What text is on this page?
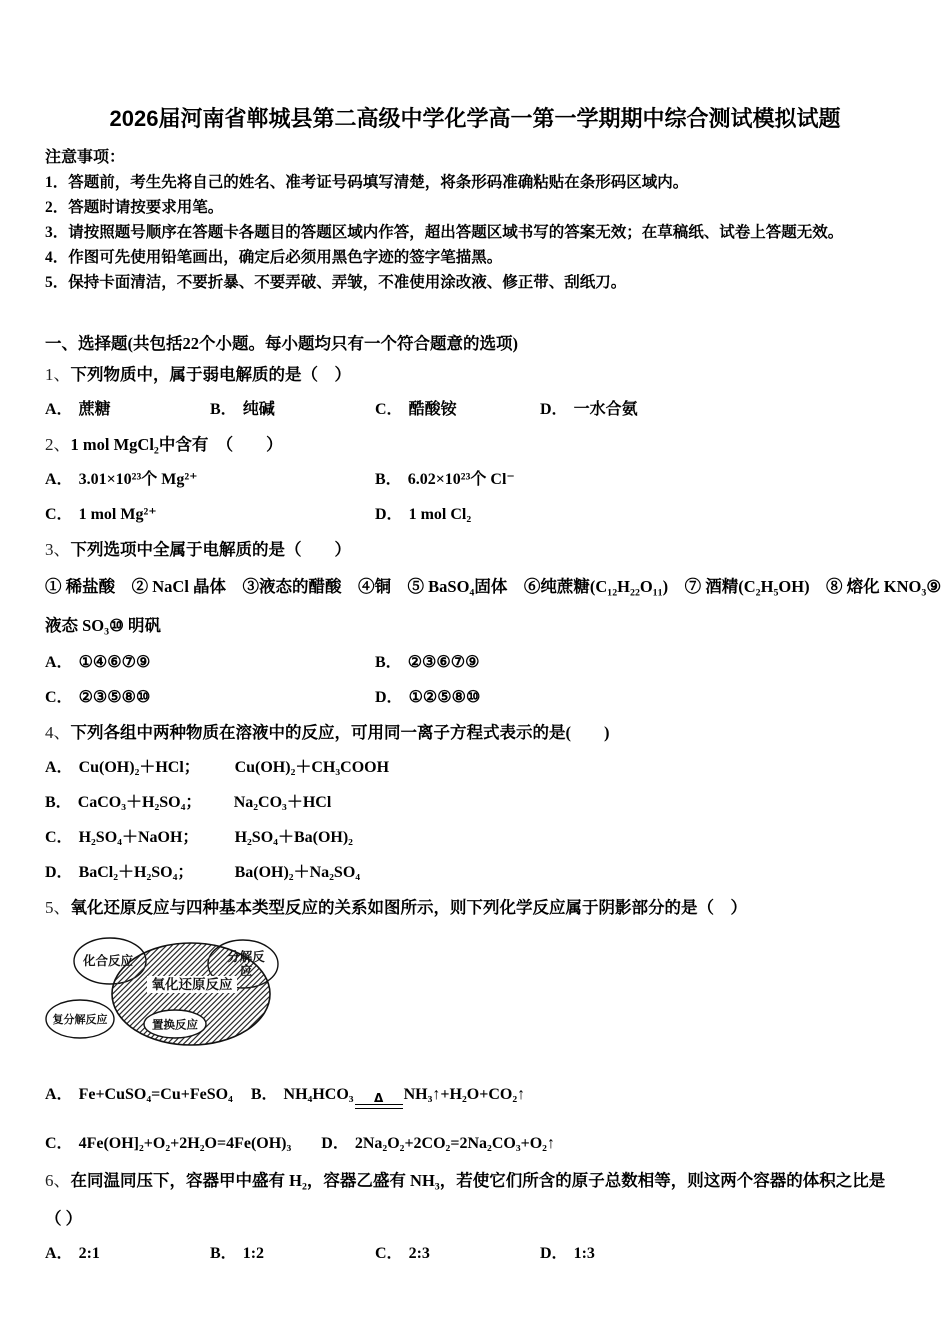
2026届河南省郸城县第二高级中学化学高一第一学期期中综合测试模拟试题
注意事项：
1．答题前，考生先将自己的姓名、准考证号码填写清楚，将条形码准确粘贴在条形码区域内。
2．答题时请按要求用笔。
3．请按照题号顺序在答题卡各题目的答题区域内作答，超出答题区域书写的答案无效；在草稿纸、试卷上答题无效。
4．作图可先使用铅笔画出，确定后必须用黑色字迹的签字笔描黑。
5．保持卡面清洁，不要折暴、不要弄破、弄皱，不准使用涂改液、修正带、刮纸刀。
一、选择题(共包括22个小题。每小题均只有一个符合题意的选项)
1、下列物质中，属于弱电解质的是（　）
A． 蔗糖	B． 纯碱	C． 酷酸铵	D． 一水合氨
2、1 mol MgCl₂中含有　（　　）
A． 3.01×10²³个 Mg²⁺	B． 6.02×10²³个 Cl⁻
C． 1 mol Mg²⁺	D． 1 mol Cl₂
3、下列选项中全属于电解质的是（　　）
① 稀盐酸　② NaCl 晶体　③液态的醋酸　④铜　⑤ BaSO₄固体　⑥纯蔗糖(C₁₂H₂₂O₁₁)　⑦ 酒精(C₂H₅OH)　⑧ 熔化 KNO₃⑨
液态 SO₃⑩ 明矾
A． ①④⑥⑦⑨	B． ②③⑥⑦⑨
C． ②③⑤⑧⑩	D． ①②⑤⑧⑩
4、下列各组中两种物质在溶液中的反应，可用同一离子方程式表示的是(　　)
A． Cu(OH)₂＋HCl； Cu(OH)₂＋CH₃COOH
B． CaCO₃＋H₂SO₄； Na₂CO₃＋HCl
C． H₂SO₄＋NaOH； H₂SO₄＋Ba(OH)₂
D． BaCl₂＋H₂SO₄；	Ba(OH)₂＋Na₂SO₄
5、氧化还原反应与四种基本类型反应的关系如图所示，则下列化学反应属于阴影部分的是（　）
氧化还原反应
置换反应
化合反应	分解反
应
复分解反应
A． Fe+CuSO₄=Cu+FeSO₄ B． NH₄HCO₃ Δ NH₃↑+H₂O+CO₂↑
C． 4Fe(OH]₂+O₂+2H₂O=4Fe(OH)₃ D． 2Na₂O₂+2CO₂=2Na₂CO₃+O₂↑
6、在同温同压下，容器甲中盛有 H₂，容器乙盛有 NH₃，若使它们所含的原子总数相等，则这两个容器的体积之比是
（ ）
A． 2:1	B． 1:2	C． 2:3	D． 1:3
